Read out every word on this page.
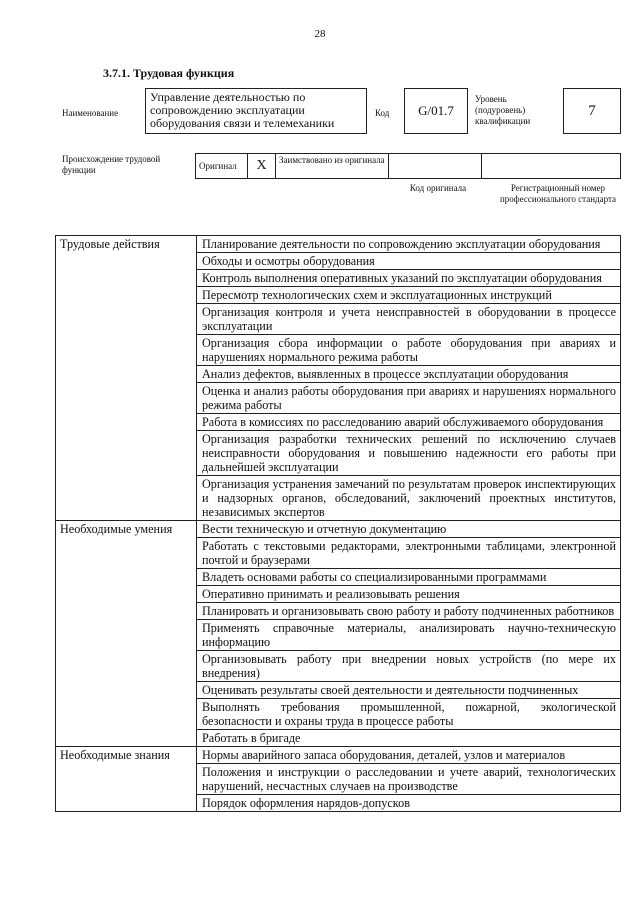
28
3.7.1. Трудовая функция
Наименование
Управление деятельностью по сопровождению эксплуатации оборудования связи и телемеханики
Код	G/01.7
Уровень (подуровень) квалификации
7
Происхождение трудовой функции	Оригинал	X	Заимствовано из оригинала
Код оригинала	Регистрационный номер профессионального стандарта
Трудовые действия	Планирование деятельности по сопровождению эксплуатации оборудования
	Обходы и осмотры оборудования
	Контроль выполнения оперативных указаний по эксплуатации оборудования
	Пересмотр технологических схем и эксплуатационных инструкций
	Организация контроля и учета неисправностей в оборудовании в процессе эксплуатации
	Организация сбора информации о работе оборудования при авариях и нарушениях нормального режима работы
	Анализ дефектов, выявленных в процессе эксплуатации оборудования
	Оценка и анализ работы оборудования при авариях и нарушениях нормального режима работы
	Работа в комиссиях по расследованию аварий обслуживаемого оборудования
	Организация разработки технических решений по исключению случаев неисправности оборудования и повышению надежности его работы при дальнейшей эксплуатации
	Организация устранения замечаний по результатам проверок инспектирующих и надзорных органов, обследований, заключений проектных институтов, независимых экспертов
Необходимые умения	Вести техническую и отчетную документацию
	Работать с текстовыми редакторами, электронными таблицами, электронной почтой и браузерами
	Владеть основами работы со специализированными программами
	Оперативно принимать и реализовывать решения
	Планировать и организовывать свою работу и работу подчиненных работников
	Применять справочные материалы, анализировать научно-техническую информацию
	Организовывать работу при внедрении новых устройств (по мере их внедрения)
	Оценивать результаты своей деятельности и деятельности подчиненных
	Выполнять требования промышленной, пожарной, экологической безопасности и охраны труда в процессе работы
	Работать в бригаде
Необходимые знания	Нормы аварийного запаса оборудования, деталей, узлов и материалов
	Положения и инструкции о расследовании и учете аварий, технологических нарушений, несчастных случаев на производстве
	Порядок оформления нарядов-допусков
